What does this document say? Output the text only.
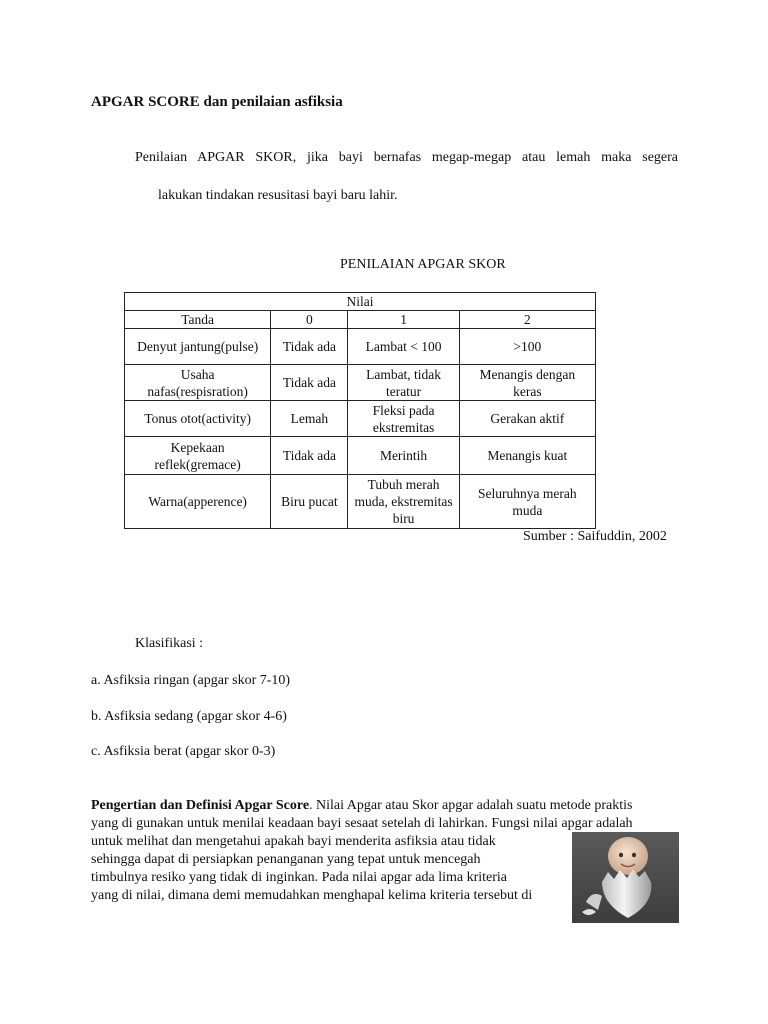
APGAR SCORE dan penilaian asfiksia
Penilaian APGAR SKOR, jika bayi bernafas megap-megap atau lemah maka segera
lakukan tindakan resusitasi bayi baru lahir.
PENILAIAN APGAR SKOR
Nilai			
Tanda	0	1	2
Denyut jantung(pulse)	Tidak ada	Lambat < 100	>100
Usaha nafas(respisration)	Tidak ada	Lambat, tidak teratur	Menangis dengan keras
Tonus otot(activity)	Lemah	Fleksi pada ekstremitas	Gerakan aktif
Kepekaan reflek(gremace)	Tidak ada	Merintih	Menangis kuat
Warna(apperence)	Biru pucat	Tubuh merah muda, ekstremitas biru	Seluruhnya merah muda
Sumber : Saifuddin, 2002
Klasifikasi :
a. Asfiksia ringan (apgar skor 7-10)
b. Asfiksia sedang (apgar skor 4-6)
c. Asfiksia berat (apgar skor 0-3)
Pengertian dan Definisi Apgar Score. Nilai Apgar atau Skor apgar adalah suatu metode praktis
yang di gunakan untuk menilai keadaan bayi sesaat setelah di lahirkan. Fungsi nilai apgar adalah
untuk melihat dan mengetahui apakah bayi menderita asfiksia atau tidak
sehingga dapat di persiapkan penanganan yang tepat untuk mencegah
timbulnya resiko yang tidak di inginkan. Pada nilai apgar ada lima kriteria
yang di nilai, dimana demi memudahkan menghapal kelima kriteria tersebut di
